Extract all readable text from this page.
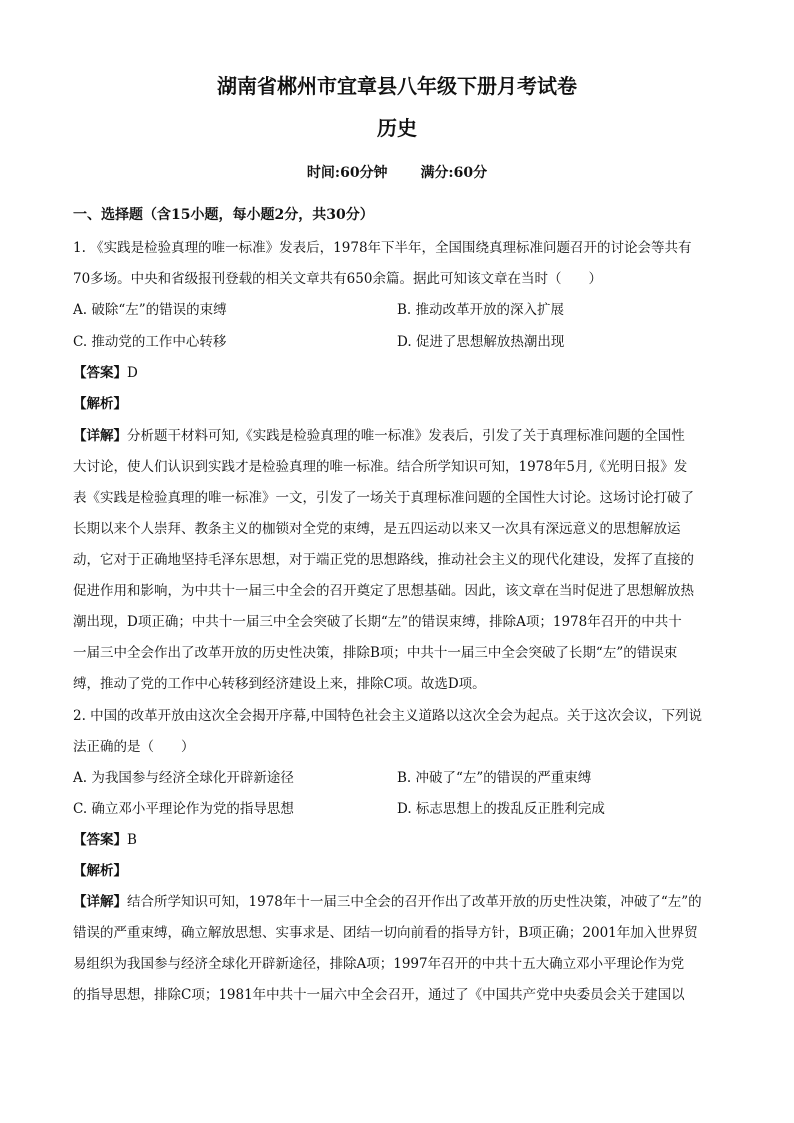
湖南省郴州市宜章县八年级下册月考试卷
历史
时间:60分钟 满分:60分
一、选择题（含15小题，每小题2分，共30分）
1. 《实践是检验真理的唯一标准》发表后，1978年下半年，全国围绕真理标准问题召开的讨论会等共有
70多场。中央和省级报刊登载的相关文章共有650余篇。据此可知该文章在当时（　　）
A. 破除“左”的错误的束缚	B. 推动改革开放的深入扩展
C. 推动党的工作中心转移	D. 促进了思想解放热潮出现
【答案】D
【解析】
【详解】分析题干材料可知,《实践是检验真理的唯一标准》发表后，引发了关于真理标准问题的全国性
大讨论，使人们认识到实践才是检验真理的唯一标准。结合所学知识可知，1978年5月,《光明日报》发
表《实践是检验真理的唯一标准》一文，引发了一场关于真理标准问题的全国性大讨论。这场讨论打破了
长期以来个人崇拜、教条主义的枷锁对全党的束缚，是五四运动以来又一次具有深远意义的思想解放运
动，它对于正确地坚持毛泽东思想，对于端正党的思想路线，推动社会主义的现代化建设，发挥了直接的
促进作用和影响，为中共十一届三中全会的召开奠定了思想基础。因此，该文章在当时促进了思想解放热
潮出现，D项正确；中共十一届三中全会突破了长期“左”的错误束缚，排除A项；1978年召开的中共十
一届三中全会作出了改革开放的历史性决策，排除B项；中共十一届三中全会突破了长期“左”的错误束
缚，推动了党的工作中心转移到经济建设上来，排除C项。故选D项。
2. 中国的改革开放由这次全会揭开序幕,中国特色社会主义道路以这次全会为起点。关于这次会议，下列说
法正确的是（　　）
A. 为我国参与经济全球化开辟新途径	B. 冲破了“左”的错误的严重束缚
C. 确立邓小平理论作为党的指导思想	D. 标志思想上的拨乱反正胜利完成
【答案】B
【解析】
【详解】结合所学知识可知，1978年十一届三中全会的召开作出了改革开放的历史性决策，冲破了“左”的
错误的严重束缚，确立解放思想、实事求是、团结一切向前看的指导方针，B项正确；2001年加入世界贸
易组织为我国参与经济全球化开辟新途径，排除A项；1997年召开的中共十五大确立邓小平理论作为党
的指导思想，排除C项；1981年中共十一届六中全会召开，通过了《中国共产党中央委员会关于建国以
